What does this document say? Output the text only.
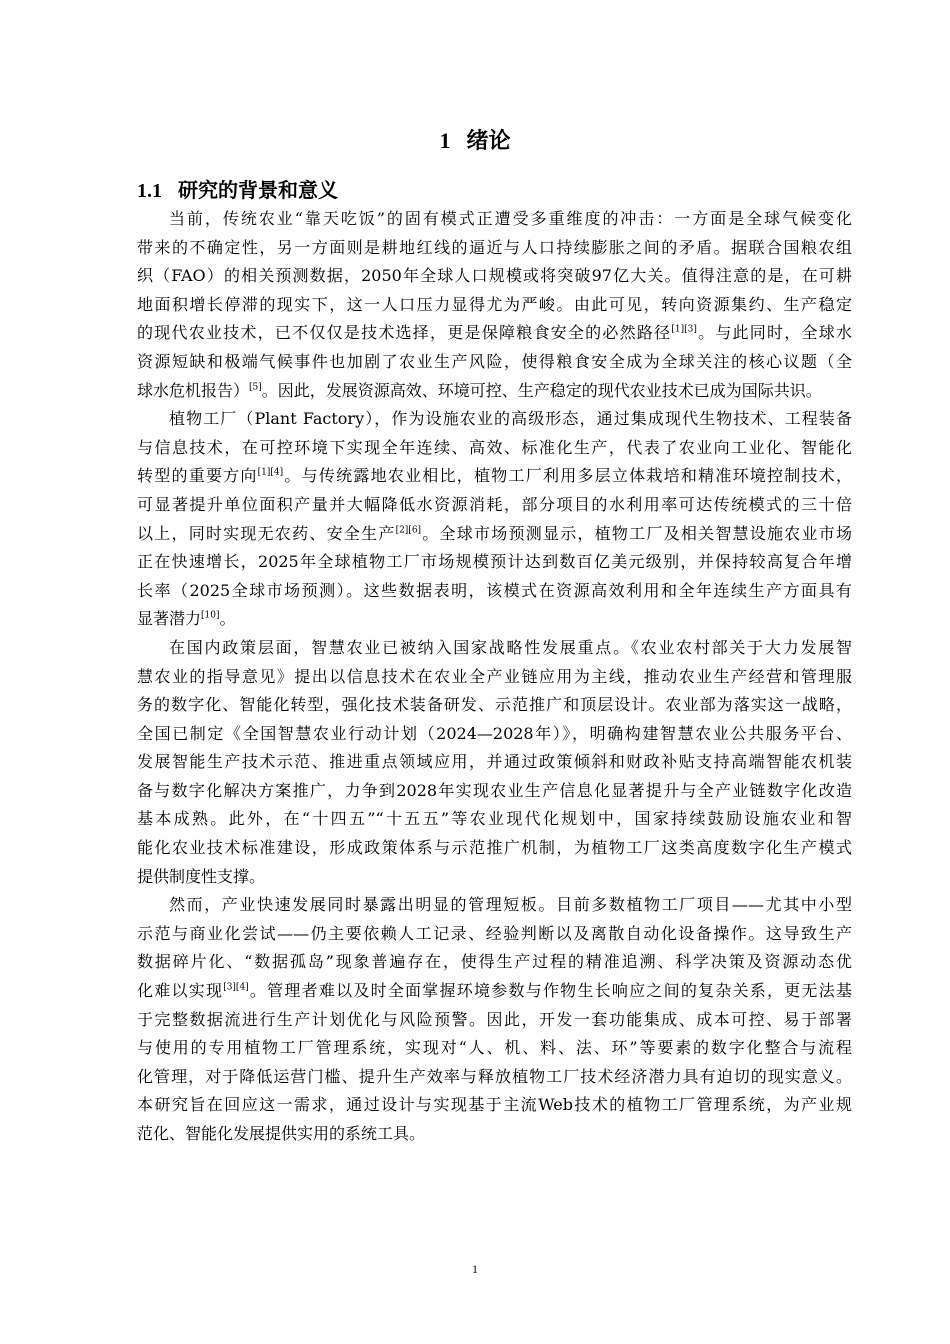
1 绪论
1.1 研究的背景和意义
当前，传统农业“靠天吃饭”的固有模式正遭受多重维度的冲击：一方面是全球气候变化
带来的不确定性，另一方面则是耕地红线的逼近与人口持续膨胀之间的矛盾。据联合国粮农组
织（FAO）的相关预测数据，2050年全球人口规模或将突破97亿大关。值得注意的是，在可耕
地面积增长停滞的现实下，这一人口压力显得尤为严峻。由此可见，转向资源集约、生产稳定
的现代农业技术，已不仅仅是技术选择，更是保障粮食安全的必然路径[1][3]。与此同时，全球水
资源短缺和极端气候事件也加剧了农业生产风险，使得粮食安全成为全球关注的核心议题（全
球水危机报告）[5]。因此，发展资源高效、环境可控、生产稳定的现代农业技术已成为国际共识。
植物工厂（Plant Factory），作为设施农业的高级形态，通过集成现代生物技术、工程装备
与信息技术，在可控环境下实现全年连续、高效、标准化生产，代表了农业向工业化、智能化
转型的重要方向[1][4]。与传统露地农业相比，植物工厂利用多层立体栽培和精准环境控制技术，
可显著提升单位面积产量并大幅降低水资源消耗，部分项目的水利用率可达传统模式的三十倍
以上，同时实现无农药、安全生产[2][6]。全球市场预测显示，植物工厂及相关智慧设施农业市场
正在快速增长，2025年全球植物工厂市场规模预计达到数百亿美元级别，并保持较高复合年增
长率（2025全球市场预测）。这些数据表明，该模式在资源高效利用和全年连续生产方面具有
显著潜力[10]。
在国内政策层面，智慧农业已被纳入国家战略性发展重点。《农业农村部关于大力发展智
慧农业的指导意见》提出以信息技术在农业全产业链应用为主线，推动农业生产经营和管理服
务的数字化、智能化转型，强化技术装备研发、示范推广和顶层设计。农业部为落实这一战略，
全国已制定《全国智慧农业行动计划（2024—2028年）》，明确构建智慧农业公共服务平台、
发展智能生产技术示范、推进重点领域应用，并通过政策倾斜和财政补贴支持高端智能农机装
备与数字化解决方案推广，力争到2028年实现农业生产信息化显著提升与全产业链数字化改造
基本成熟。此外，在“十四五”“十五五”等农业现代化规划中，国家持续鼓励设施农业和智
能化农业技术标准建设，形成政策体系与示范推广机制，为植物工厂这类高度数字化生产模式
提供制度性支撑。
然而，产业快速发展同时暴露出明显的管理短板。目前多数植物工厂项目——尤其中小型
示范与商业化尝试——仍主要依赖人工记录、经验判断以及离散自动化设备操作。这导致生产
数据碎片化、“数据孤岛”现象普遍存在，使得生产过程的精准追溯、科学决策及资源动态优
化难以实现[3][4]。管理者难以及时全面掌握环境参数与作物生长响应之间的复杂关系，更无法基
于完整数据流进行生产计划优化与风险预警。因此，开发一套功能集成、成本可控、易于部署
与使用的专用植物工厂管理系统，实现对“人、机、料、法、环”等要素的数字化整合与流程
化管理，对于降低运营门槛、提升生产效率与释放植物工厂技术经济潜力具有迫切的现实意义。
本研究旨在回应这一需求，通过设计与实现基于主流Web技术的植物工厂管理系统，为产业规
范化、智能化发展提供实用的系统工具。
1
